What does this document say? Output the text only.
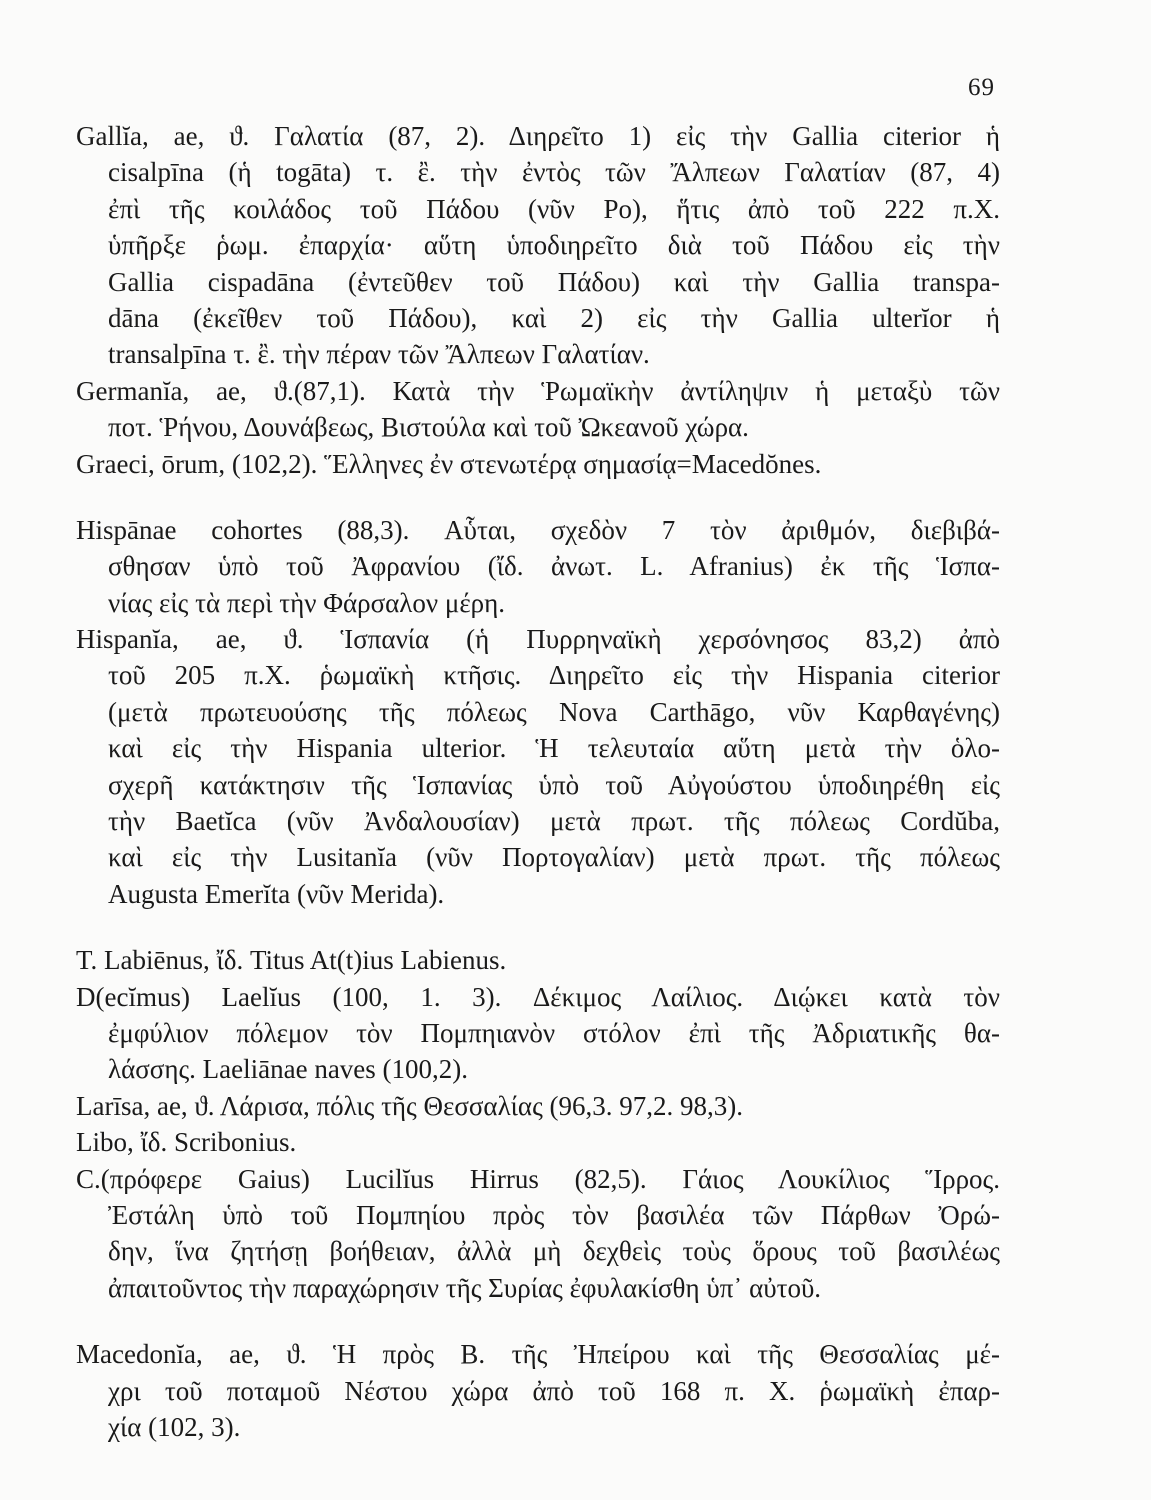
69
Gallĭa, ae, ϑ. Γαλατία (87, 2). Διηρεῖτο 1) εἰς τὴν Gallia citerior ἡ
cisalpīna (ἡ togāta) τ. ἒ. τὴν ἐντὸς τῶν Ἄλπεων Γαλατίαν (87, 4)
ἐπὶ τῆς κοιλάδος τοῦ Πάδου (νῦν Po), ἥτις ἀπὸ τοῦ 222 π.Χ.
ὑπῆρξε ῥωμ. ἐπαρχία· αὕτη ὑποδιηρεῖτο διὰ τοῦ Πάδου εἰς τὴν
Gallia cispadāna (ἐντεῦθεν τοῦ Πάδου) καὶ τὴν Gallia transpa-
dāna (ἐκεῖθεν τοῦ Πάδου), καὶ 2) εἰς τὴν Gallia ulterĭor ἡ
transalpīna τ. ἒ. τὴν πέραν τῶν Ἄλπεων Γαλατίαν.
Germanĭa, ae, ϑ.(87,1). Κατὰ τὴν Ῥωμαϊκὴν ἀντίληψιν ἡ μεταξὺ τῶν
ποτ. Ῥήνου, Δουνάβεως, Βιστούλα καὶ τοῦ Ὠκεανοῦ χώρα.
Graeci, ōrum, (102,2). Ἕλληνες ἐν στενωτέρᾳ σημασίᾳ=Macedŏnes.
Hispānae cohortes (88,3). Αὗται, σχεδὸν 7 τὸν ἀριθμόν, διεβιβά-
σθησαν ὑπὸ τοῦ Ἀφρανίου (ἴδ. ἀνωτ. L. Afranius) ἐκ τῆς Ἱσπα-
νίας εἰς τὰ περὶ τὴν Φάρσαλον μέρη.
Hispanĭa, ae, ϑ. Ἱσπανία (ἡ Πυρρηναϊκὴ χερσόνησος 83,2) ἀπὸ
τοῦ 205 π.Χ. ῥωμαϊκὴ κτῆσις. Διηρεῖτο εἰς τὴν Hispania citerior
(μετὰ πρωτευούσης τῆς πόλεως Nova Carthāgo, νῦν Καρθαγένης)
καὶ εἰς τὴν Hispania ulterior. Ἡ τελευταία αὕτη μετὰ τὴν ὁλο-
σχερῆ κατάκτησιν τῆς Ἱσπανίας ὑπὸ τοῦ Αὐγούστου ὑποδιηρέθη εἰς
τὴν Baetĭca (νῦν Ἀνδαλουσίαν) μετὰ πρωτ. τῆς πόλεως Cordŭba,
καὶ εἰς τὴν Lusitanĭa (νῦν Πορτογαλίαν) μετὰ πρωτ. τῆς πόλεως
Augusta Emerĭta (νῦν Merida).
T. Labiēnus, ἴδ. Titus At(t)ius Labienus.
D(ecĭmus) Laelĭus (100, 1. 3). Δέκιμος Λαίλιος. Διῴκει κατὰ τὸν
ἐμφύλιον πόλεμον τὸν Πομπηιανὸν στόλον ἐπὶ τῆς Ἀδριατικῆς θα-
λάσσης. Laeliānae naves (100,2).
Larīsa, ae, ϑ. Λάρισα, πόλις τῆς Θεσσαλίας (96,3. 97,2. 98,3).
Libo, ἴδ. Scribonius.
C.(πρόφερε Gaius) Lucilĭus Hirrus (82,5). Γάιος Λουκίλιος Ἵρρος.
Ἐστάλη ὑπὸ τοῦ Πομπηίου πρὸς τὸν βασιλέα τῶν Πάρθων Ὀρώ-
δην, ἵνα ζητήσῃ βοήθειαν, ἀλλὰ μὴ δεχθεὶς τοὺς ὅρους τοῦ βασιλέως
ἀπαιτοῦντος τὴν παραχώρησιν τῆς Συρίας ἐφυλακίσθη ὑπ᾽ αὐτοῦ.
Macedonĭa, ae, ϑ. Ἡ πρὸς Β. τῆς Ἠπείρου καὶ τῆς Θεσσαλίας μέ-
χρι τοῦ ποταμοῦ Νέστου χώρα ἀπὸ τοῦ 168 π. Χ. ῥωμαϊκὴ ἐπαρ-
χία (102, 3).
